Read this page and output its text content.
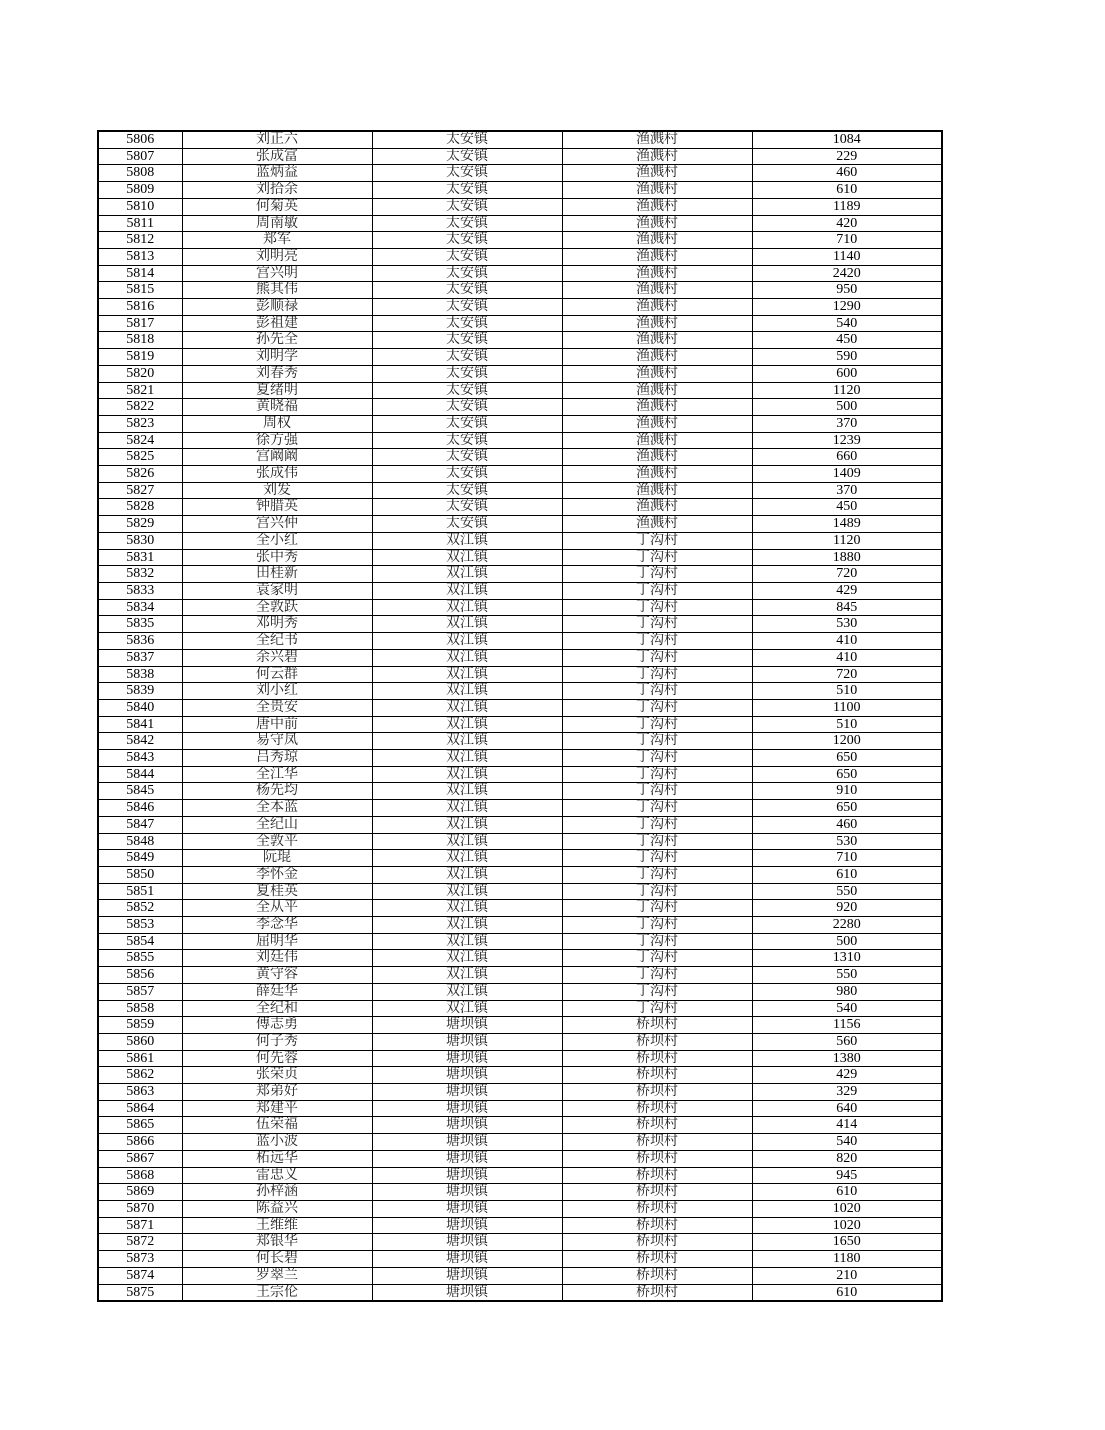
5806	刘正六	太安镇	渔溅村	1084
5807	张成富	太安镇	渔溅村	229
5808	蓝炳益	太安镇	渔溅村	460
5809	刘拾余	太安镇	渔溅村	610
5810	何菊英	太安镇	渔溅村	1189
5811	周南敏	太安镇	渔溅村	420
5812	郑军	太安镇	渔溅村	710
5813	刘明亮	太安镇	渔溅村	1140
5814	宫兴明	太安镇	渔溅村	2420
5815	熊其伟	太安镇	渔溅村	950
5816	彭顺禄	太安镇	渔溅村	1290
5817	彭祖建	太安镇	渔溅村	540
5818	孙先全	太安镇	渔溅村	450
5819	刘明学	太安镇	渔溅村	590
5820	刘春秀	太安镇	渔溅村	600
5821	夏绪明	太安镇	渔溅村	1120
5822	黄晓福	太安镇	渔溅村	500
5823	周权	太安镇	渔溅村	370
5824	徐方强	太安镇	渔溅村	1239
5825	宫阚阚	太安镇	渔溅村	660
5826	张成伟	太安镇	渔溅村	1409
5827	刘发	太安镇	渔溅村	370
5828	钟腊英	太安镇	渔溅村	450
5829	宫兴仲	太安镇	渔溅村	1489
5830	全小红	双江镇	丁沟村	1120
5831	张中秀	双江镇	丁沟村	1880
5832	田桂新	双江镇	丁沟村	720
5833	袁家明	双江镇	丁沟村	429
5834	全敦跃	双江镇	丁沟村	845
5835	邓明秀	双江镇	丁沟村	530
5836	全纪书	双江镇	丁沟村	410
5837	余兴碧	双江镇	丁沟村	410
5838	何云群	双江镇	丁沟村	720
5839	刘小红	双江镇	丁沟村	510
5840	全贵安	双江镇	丁沟村	1100
5841	唐中前	双江镇	丁沟村	510
5842	易守凤	双江镇	丁沟村	1200
5843	吕秀琼	双江镇	丁沟村	650
5844	全江华	双江镇	丁沟村	650
5845	杨先均	双江镇	丁沟村	910
5846	全本蓝	双江镇	丁沟村	650
5847	全纪山	双江镇	丁沟村	460
5848	全敦平	双江镇	丁沟村	530
5849	阮琨	双江镇	丁沟村	710
5850	李怀金	双江镇	丁沟村	610
5851	夏桂英	双江镇	丁沟村	550
5852	全从平	双江镇	丁沟村	920
5853	李念华	双江镇	丁沟村	2280
5854	屈明华	双江镇	丁沟村	500
5855	刘廷伟	双江镇	丁沟村	1310
5856	黄守容	双江镇	丁沟村	550
5857	薛廷华	双江镇	丁沟村	980
5858	全纪和	双江镇	丁沟村	540
5859	傅志勇	塘坝镇	桥坝村	1156
5860	何子秀	塘坝镇	桥坝村	560
5861	何先蓉	塘坝镇	桥坝村	1380
5862	张荣贞	塘坝镇	桥坝村	429
5863	郑弟好	塘坝镇	桥坝村	329
5864	郑建平	塘坝镇	桥坝村	640
5865	伍荣福	塘坝镇	桥坝村	414
5866	蓝小波	塘坝镇	桥坝村	540
5867	柘远华	塘坝镇	桥坝村	820
5868	雷忠义	塘坝镇	桥坝村	945
5869	孙梓涵	塘坝镇	桥坝村	610
5870	陈益兴	塘坝镇	桥坝村	1020
5871	王维维	塘坝镇	桥坝村	1020
5872	郑银华	塘坝镇	桥坝村	1650
5873	何长碧	塘坝镇	桥坝村	1180
5874	罗翠兰	塘坝镇	桥坝村	210
5875	王宗伦	塘坝镇	桥坝村	610
